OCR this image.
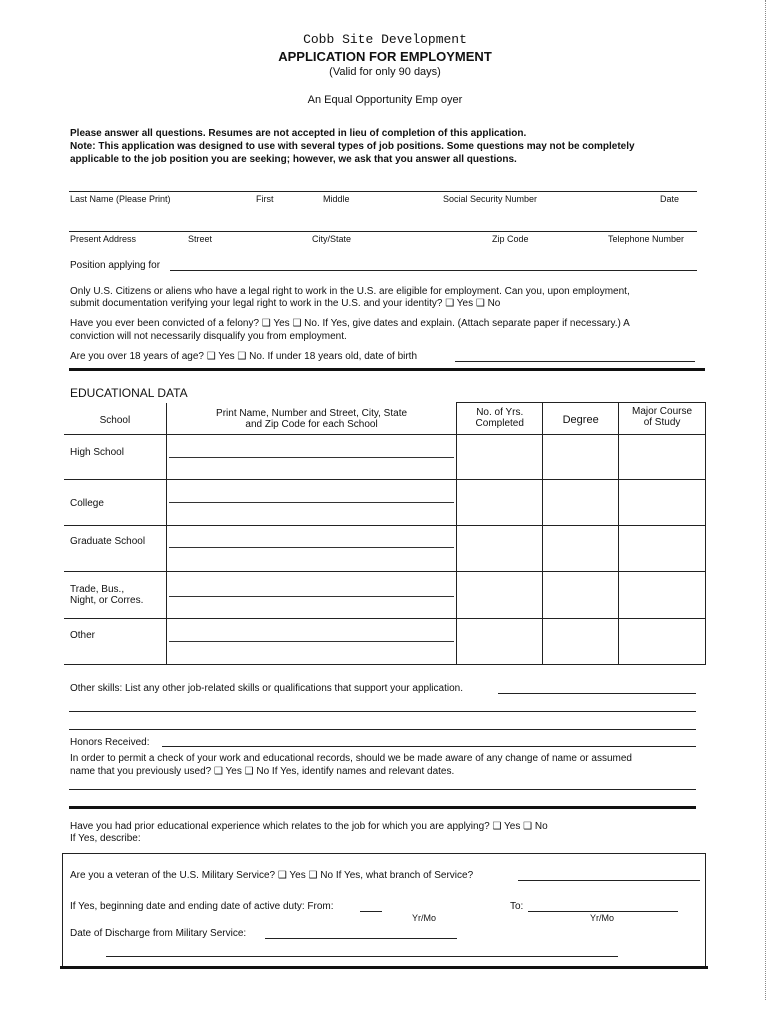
Cobb Site Development
APPLICATION FOR EMPLOYMENT
(Valid for only 90 days)
An Equal Opportunity Emp oyer
Please answer all questions. Resumes are not accepted in lieu of completion of this application.
Note: This application was designed to use with several types of job positions. Some questions may not be completely
applicable to the job position you are seeking; however, we ask that you answer all questions.
Last Name (Please Print)	First	Middle	Social Security Number	Date
Present Address	Street	City/State	Zip Code	Telephone Number
Position applying for
Only U.S. Citizens or aliens who have a legal right to work in the U.S. are eligible for employment. Can you, upon employment,
submit documentation verifying your legal right to work in the U.S. and your identity? ❑ Yes ❑ No
Have you ever been convicted of a felony? ❑ Yes ❑ No. If Yes, give dates and explain. (Attach separate paper if necessary.) A
conviction will not necessarily disqualify you from employment.
Are you over 18 years of age? ❑ Yes ❑ No. If under 18 years old, date of birth
EDUCATIONAL DATA
School	Print Name, Number and Street, City, State and Zip Code for each School	No. of Yrs. Completed	Degree	Major Course of Study

High School				

College				

Graduate School				

Trade, Bus., Night, or Corres.				

Other				

Other skills: List any other job-related skills or qualifications that support your application.
Honors Received:
In order to permit a check of your work and educational records, should we be made aware of any change of name or assumed
name that you previously used? ❑ Yes ❑ No If Yes, identify names and relevant dates.
Have you had prior educational experience which relates to the job for which you are applying? ❑ Yes ❑ No
If Yes, describe:
Are you a veteran of the U.S. Military Service? ❑ Yes ❑ No If Yes, what branch of Service?
If Yes, beginning date and ending date of active duty: From:
Yr/Mo
To:
Yr/Mo
Date of Discharge from Military Service:
